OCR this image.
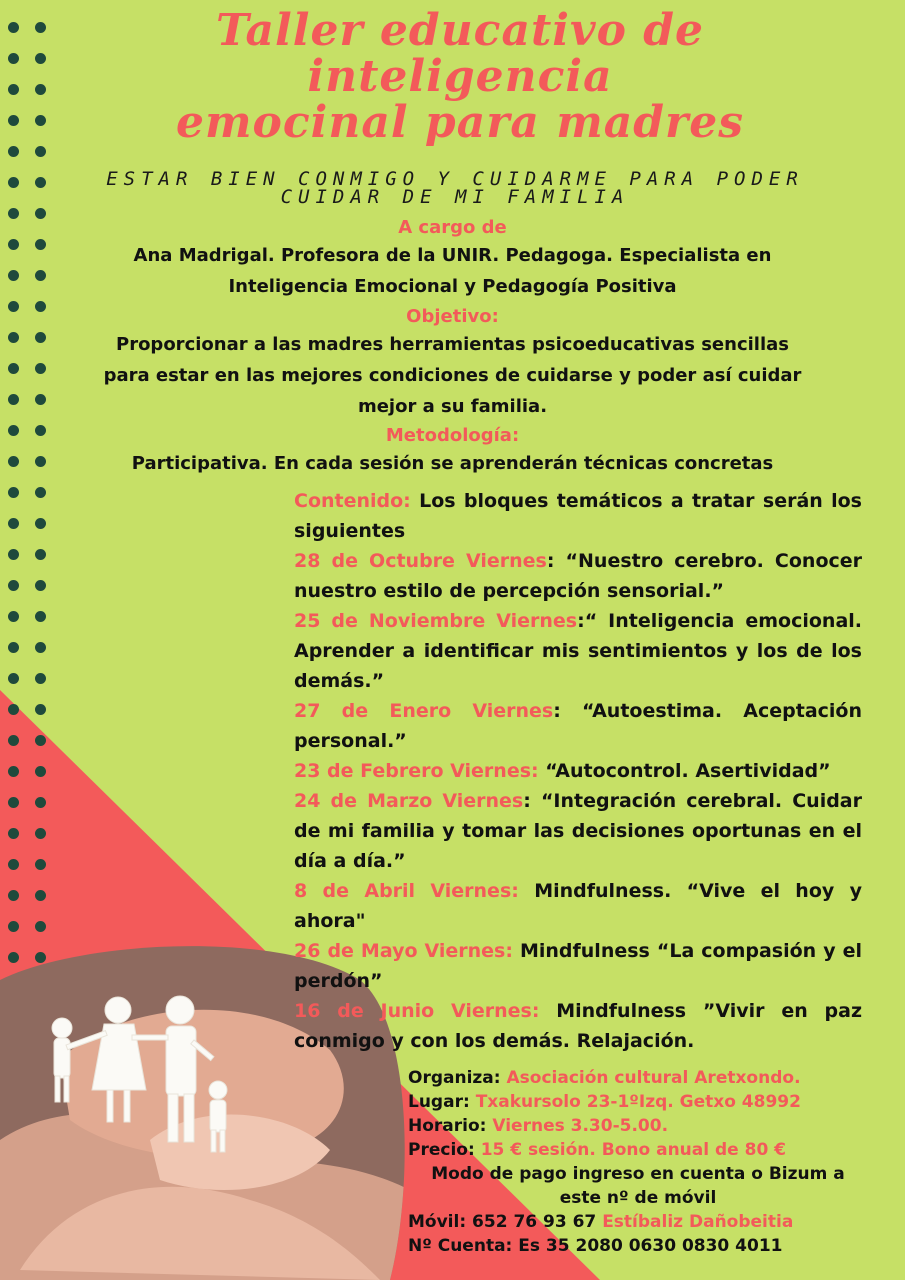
Taller educativo de inteligencia
emocinal para madres
ESTAR BIEN CONMIGO Y CUIDARME PARA PODER
CUIDAR DE MI FAMILIA
A cargo de
Ana Madrigal. Profesora de la UNIR. Pedagoga. Especialista en
Inteligencia Emocional y Pedagogía Positiva
Objetivo:
Proporcionar a las madres herramientas psicoeducativas sencillas
para estar en las mejores condiciones de cuidarse y poder así cuidar
mejor a su familia.
Metodología:
Participativa. En cada sesión se aprenderán técnicas concretas

Contenido: Los bloques temáticos a tratar serán los siguientes

28 de Octubre Viernes: “Nuestro cerebro. Conocer nuestro estilo de percepción sensorial.”

25 de Noviembre Viernes:“ Inteligencia emocional. Aprender a identificar mis sentimientos y los de los demás.”

27 de Enero Viernes: “Autoestima. Aceptación personal.”

23 de Febrero Viernes: “Autocontrol. Asertividad”

24 de Marzo Viernes: “Integración cerebral. Cuidar de mi familia y tomar las decisiones oportunas en el día a día.”

8 de Abril Viernes: Mindfulness. “Vive el hoy y ahora"

26 de Mayo Viernes: Mindfulness “La compasión y el perdón”

16 de Junio Viernes: Mindfulness ”Vivir en paz conmigo y con los demás. Relajación.

Organiza: Asociación cultural Aretxondo.
Lugar: Txakursolo 23-1ºIzq. Getxo 48992
Horario: Viernes 3.30-5.00.
Precio: 15 € sesión. Bono anual de 80 €
Modo de pago ingreso en cuenta o Bizum a
este nº de móvil
Móvil: 652 76 93 67 Estíbaliz Dañobeitia
Nº Cuenta: Es 35 2080 0630 0830 4011
